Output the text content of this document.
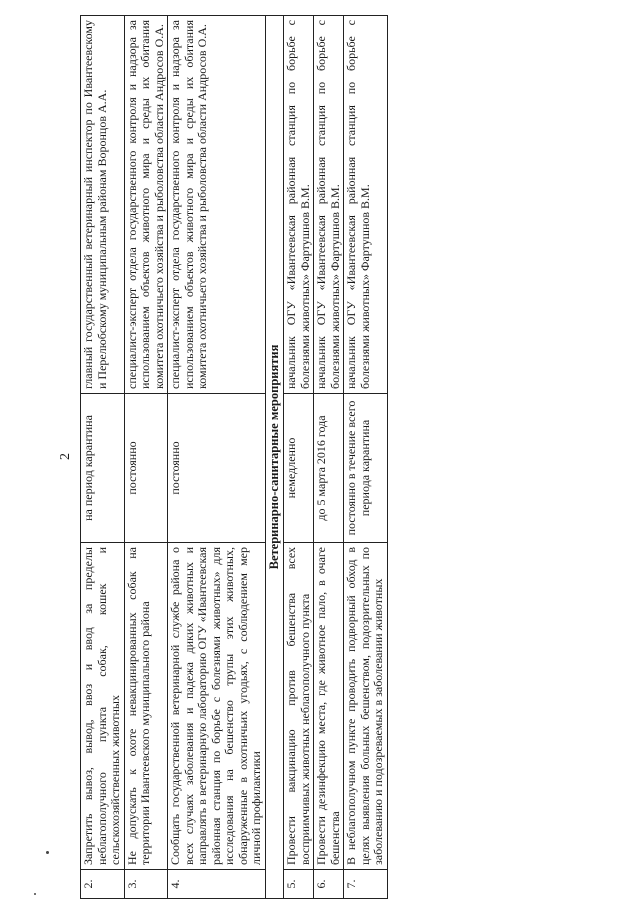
2
2.	Запретить вывоз, вывод, ввоз и ввод за пределы неблагополучного пункта собак, кошек и сельскохозяйственных животных	на период карантина	главный государственный ветеринарный инспектор по Ивантеевскому и Перелюбскому муниципальным районам Воронцов А.А.
3.	Не допускать к охоте невакцинированных собак на территории Ивантеевского муниципального района	постоянно	специалист-эксперт отдела государственного контроля и надзора за использованием объектов животного мира и среды их обитания комитета охотничьего хозяйства и рыболовства области Андросов О.А.
4.	Сообщать государственной ветеринарной службе района о всех случаях заболевания и падежа диких животных и направлять в ветеринарную лабораторию ОГУ «Ивантеевская районная станция по борьбе с болезнями животных» для исследования на бешенство трупы этих животных, обнаруженные в охотничьих угодьях, с соблюдением мер личной профилактики	постоянно	специалист-эксперт отдела государственного контроля и надзора за использованием объектов животного мира и среды их обитания комитета охотничьего хозяйства и рыболовства области Андросов О.А.
Ветеринарно-санитарные мероприятия			
5.	Провести вакцинацию против бешенства всех восприимчивых животных неблагополучного пункта	немедленно	начальник ОГУ «Ивантеевская районная станция по борьбе с болезнями животных» Фартушнов В.М.
6.	Провести дезинфекцию места, где животное пало, в очаге бешенства	до 5 марта 2016 года	начальник ОГУ «Ивантеевская районная станция по борьбе с болезнями животных» Фартушнов В.М.
7.	В неблагополучном пункте проводить подворный обход в целях выявления больных бешенством, подозрительных по заболеванию и подозреваемых в заболевании животных	постоянно в течение всего периода карантина	начальник ОГУ «Ивантеевская районная станция по борьбе с болезнями животных» Фартушнов В.М.
